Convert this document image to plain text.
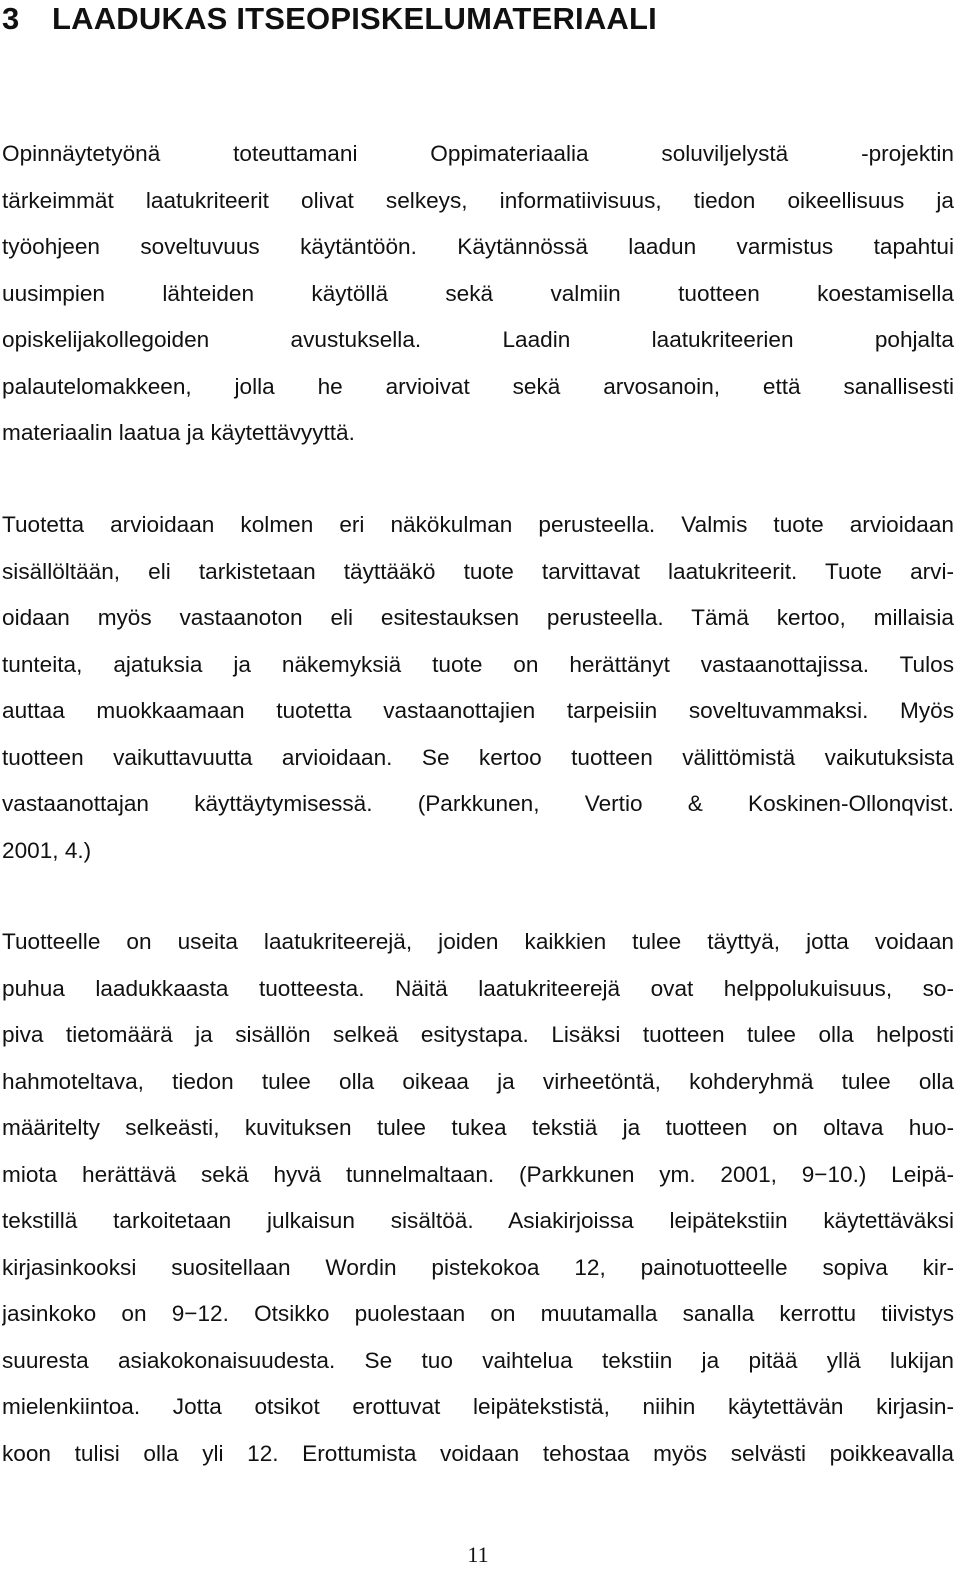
3 LAADUKAS ITSEOPISKELUMATERIAALI
Opinnäytetyönä toteuttamani Oppimateriaalia soluviljelystä -projektin
tärkeimmät laatukriteerit olivat selkeys, informatiivisuus, tiedon oikeellisuus ja
työohjeen soveltuvuus käytäntöön. Käytännössä laadun varmistus tapahtui
uusimpien lähteiden käytöllä sekä valmiin tuotteen koestamisella
opiskelijakollegoiden avustuksella. Laadin laatukriteerien pohjalta
palautelomakkeen, jolla he arvioivat sekä arvosanoin, että sanallisesti
materiaalin laatua ja käytettävyyttä.
Tuotetta arvioidaan kolmen eri näkökulman perusteella. Valmis tuote arvioidaan
sisällöltään, eli tarkistetaan täyttääkö tuote tarvittavat laatukriteerit. Tuote arvi-
oidaan myös vastaanoton eli esitestauksen perusteella. Tämä kertoo, millaisia
tunteita, ajatuksia ja näkemyksiä tuote on herättänyt vastaanottajissa. Tulos
auttaa muokkaamaan tuotetta vastaanottajien tarpeisiin soveltuvammaksi. Myös
tuotteen vaikuttavuutta arvioidaan. Se kertoo tuotteen välittömistä vaikutuksista
vastaanottajan käyttäytymisessä. (Parkkunen, Vertio & Koskinen-Ollonqvist.
2001, 4.)
Tuotteelle on useita laatukriteerejä, joiden kaikkien tulee täyttyä, jotta voidaan
puhua laadukkaasta tuotteesta. Näitä laatukriteerejä ovat helppolukuisuus, so-
piva tietomäärä ja sisällön selkeä esitystapa. Lisäksi tuotteen tulee olla helposti
hahmoteltava, tiedon tulee olla oikeaa ja virheetöntä, kohderyhmä tulee olla
määritelty selkeästi, kuvituksen tulee tukea tekstiä ja tuotteen on oltava huo-
miota herättävä sekä hyvä tunnelmaltaan. (Parkkunen ym. 2001, 9−10.) Leipä-
tekstillä tarkoitetaan julkaisun sisältöä. Asiakirjoissa leipätekstiin käytettäväksi
kirjasinkooksi suositellaan Wordin pistekokoa 12, painotuotteelle sopiva kir-
jasinkoko on 9−12. Otsikko puolestaan on muutamalla sanalla kerrottu tiivistys
suuresta asiakokonaisuudesta. Se tuo vaihtelua tekstiin ja pitää yllä lukijan
mielenkiintoa. Jotta otsikot erottuvat leipätekstistä, niihin käytettävän kirjasin-
koon tulisi olla yli 12. Erottumista voidaan tehostaa myös selvästi poikkeavalla
11
